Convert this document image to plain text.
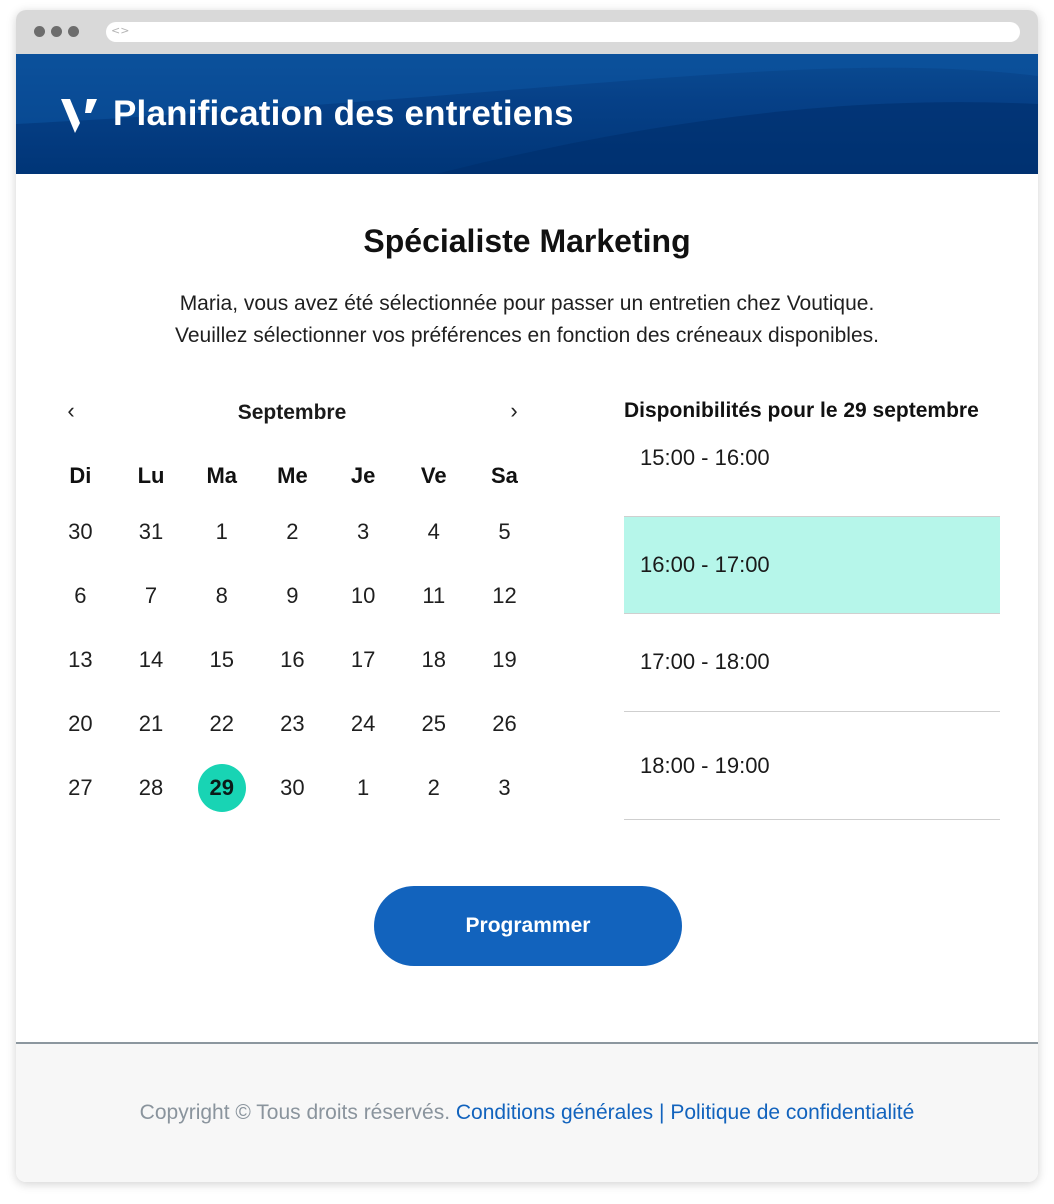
<>
Planification des entretiens
Spécialiste Marketing
Maria, vous avez été sélectionnée pour passer un entretien chez Voutique.
Veuillez sélectionner vos préférences en fonction des créneaux disponibles.
‹	Septembre	›
Di	Lu	Ma	Me	Je	Ve	Sa
30	31	1	2	3	4	5
6	7	8	9	10	11	12
13	14	15	16	17	18	19
20	21	22	23	24	25	26
27	28	29	30	1	2	3
Disponibilités pour le 29 septembre
15:00 - 16:00
16:00 - 17:00
17:00 - 18:00
18:00 - 19:00
Programmer
Copyright © Tous droits réservés. Conditions générales | Politique de confidentialité
